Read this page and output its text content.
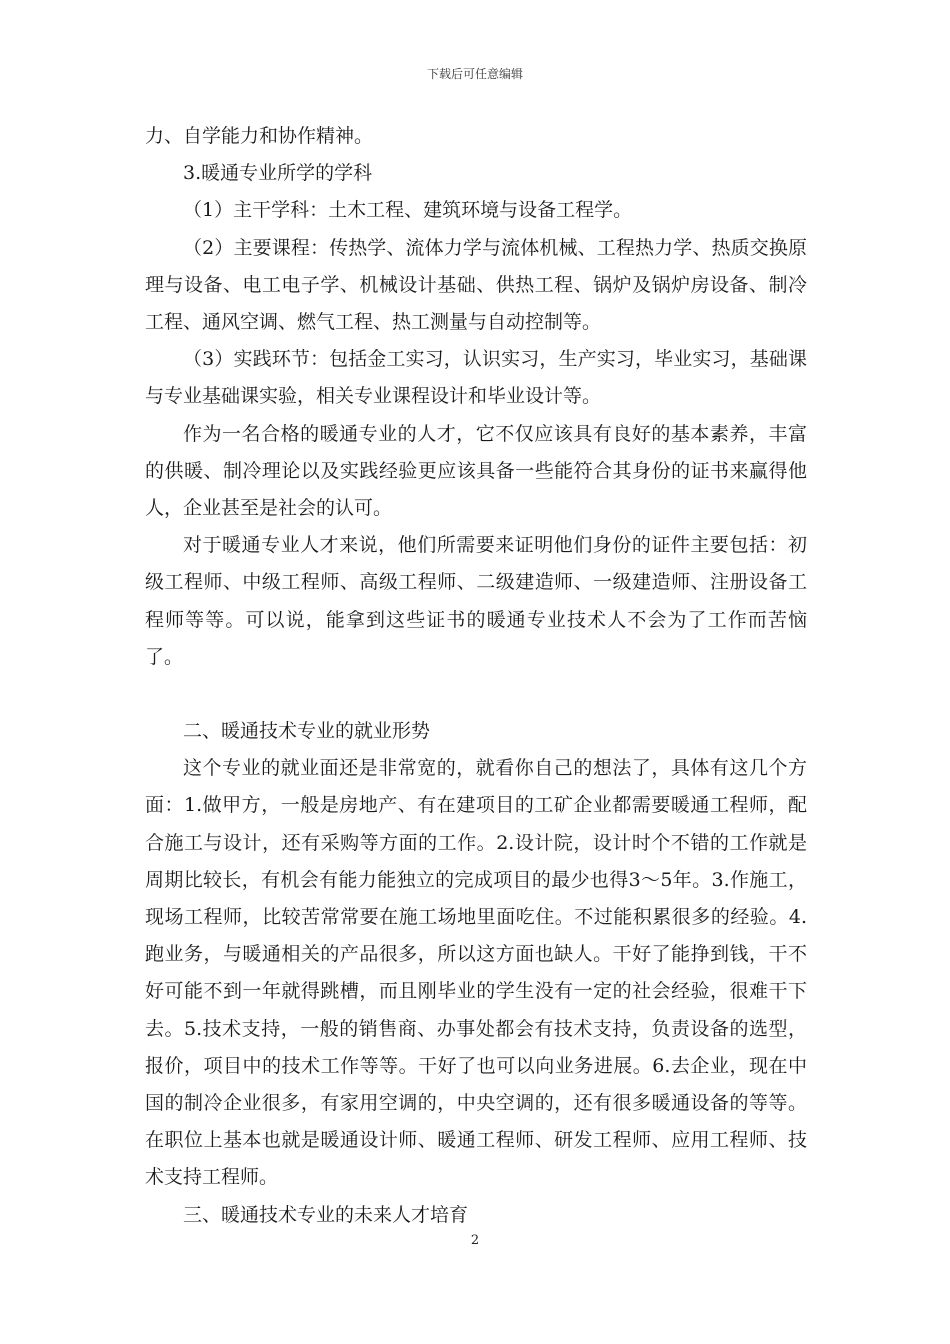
下载后可任意编辑

力、自学能力和协作精神。

3.暖通专业所学的学科

（1）主干学科：土木工程、建筑环境与设备工程学。

（2）主要课程：传热学、流体力学与流体机械、工程热力学、热质交换原理与设备、电工电子学、机械设计基础、供热工程、锅炉及锅炉房设备、制冷工程、通风空调、燃气工程、热工测量与自动控制等。

（3）实践环节：包括金工实习，认识实习，生产实习，毕业实习，基础课与专业基础课实验，相关专业课程设计和毕业设计等。

作为一名合格的暖通专业的人才，它不仅应该具有良好的基本素养，丰富的供暖、制冷理论以及实践经验更应该具备一些能符合其身份的证书来赢得他人，企业甚至是社会的认可。

对于暖通专业人才来说，他们所需要来证明他们身份的证件主要包括：初级工程师、中级工程师、高级工程师、二级建造师、一级建造师、注册设备工程师等等。可以说，能拿到这些证书的暖通专业技术人不会为了工作而苦恼了。

二、暖通技术专业的就业形势

这个专业的就业面还是非常宽的，就看你自己的想法了，具体有这几个方面：1.做甲方，一般是房地产、有在建项目的工矿企业都需要暖通工程师，配合施工与设计，还有采购等方面的工作。2.设计院，设计时个不错的工作就是周期比较长，有机会有能力能独立的完成项目的最少也得3～5年。3.作施工，现场工程师，比较苦常常要在施工场地里面吃住。不过能积累很多的经验。4.跑业务，与暖通相关的产品很多，所以这方面也缺人。干好了能挣到钱，干不好可能不到一年就得跳槽，而且刚毕业的学生没有一定的社会经验，很难干下去。5.技术支持，一般的销售商、办事处都会有技术支持，负责设备的选型，报价，项目中的技术工作等等。干好了也可以向业务进展。6.去企业，现在中国的制冷企业很多，有家用空调的，中央空调的，还有很多暖通设备的等等。在职位上基本也就是暖通设计师、暖通工程师、研发工程师、应用工程师、技术支持工程师。

三、暖通技术专业的未来人才培育

2
